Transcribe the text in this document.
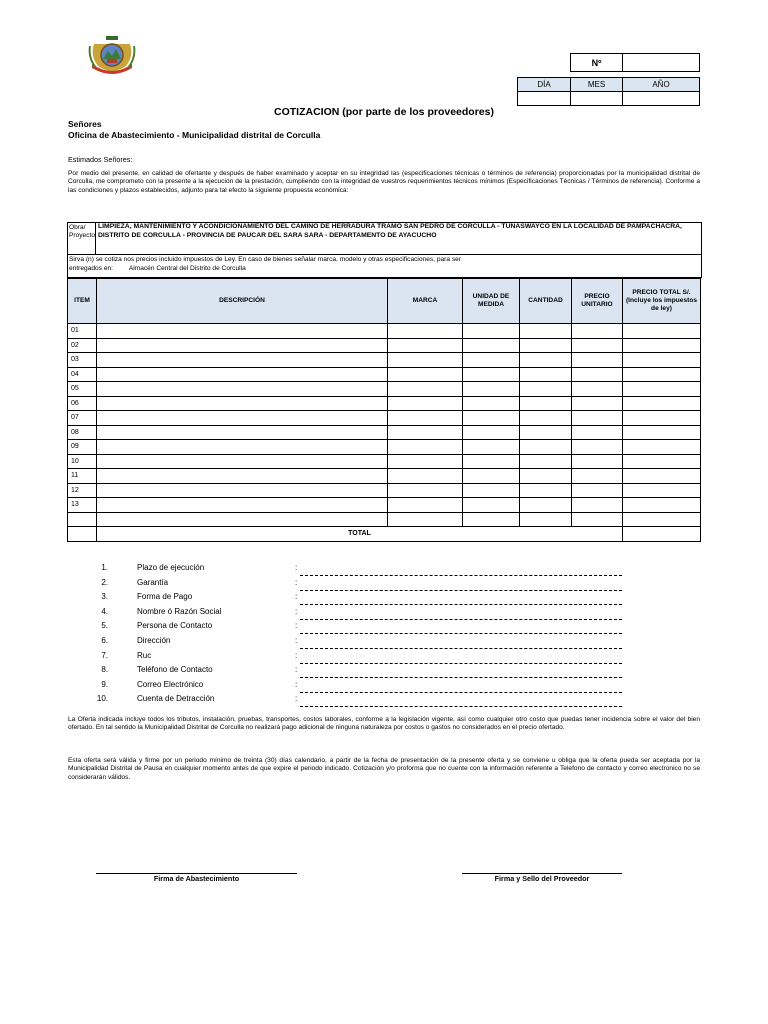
Nº	
DÍA	MES	AÑO

COTIZACION (por parte de los proveedores)
Señores
Oficina de Abastecimiento - Municipalidad distrital de Corculla
Estimados Señores:
Por medio del presente, en calidad de ofertante y después de haber examinado y aceptar en su integridad las (especificaciones técnicas o términos de referencia) proporcionadas por la municipalidad distrital de Corculla, me comprometo con la presente a la ejecución de la prestación, cumpliendo con la integridad de vuestros requerimientos técnicos mínimos (Especificaciones Técnicas / Términos de referencia). Conforme a las condiciones y plazos establecidos, adjunto para tal efecto la siguiente propuesta económica:
Obra/ Proyecto
LIMPIEZA, MANTENIMIENTO Y ACONDICIONAMIENTO DEL CAMINO DE HERRADURA TRAMO SAN PEDRO DE CORCULLA - TUNASWAYCO EN LA LOCALIDAD DE PAMPACHACRA, DISTRITO DE CORCULLA - PROVINCIA DE PAUCAR DEL SARA SARA - DEPARTAMENTO DE AYACUCHO
Sirva (n) se cotiza nos precios incluido impuestos de Ley. En caso de bienes señalar marca, modelo y otras especificaciones, para ser
entregados en: Almacén Central del Distrito de Corculla
ITEM	DESCRIPCIÓN	MARCA	UNIDAD DE MEDIDA	CANTIDAD	PRECIO UNITARIO	PRECIO TOTAL S/. (Incluye los impuestos de ley)
01						
02						
03						
04						
05						
06						
07						
08						
09						
10						
11						
12						
13						

	TOTAL					
1.	Plazo de ejecución	:
2.	Garantía	:
3.	Forma de Pago	:
4.	Nombre ó Razón Social	:
5.	Persona de Contacto	:
6.	Dirección	:
7.	Ruc	:
8.	Teléfono de Contacto	:
9.	Correo Electrónico	:
10.	Cuenta de Detracción	:
La Oferta indicada incluye todos los tributos, instalación, pruebas, transportes, costos laborales, conforme a la legislación vigente, así como cualquier otro costo que puedas tener incidencia sobre el valor del bien ofertado. En tal sentido la Municipalidad Distrital de Corculla no realizará pago adicional de ninguna naturaleza por costos o gastos no considerados en el precio ofertado.
Esta oferta será válida y firme por un periodo mínimo de treinta (30) días calendario, a partir de la fecha de presentación de la presente oferta y se conviene u obliga que la oferta pueda ser aceptada por la Municipalidad Distrital de Pausa en cualquier momento antes de que expire el periodo indicado. Cotización y/o proforma que no cuente con la información referente a Telefono de contacto y correo electronico no se considerarán válidos.
Firma de Abastecimiento	Firma y Sello del Proveedor
